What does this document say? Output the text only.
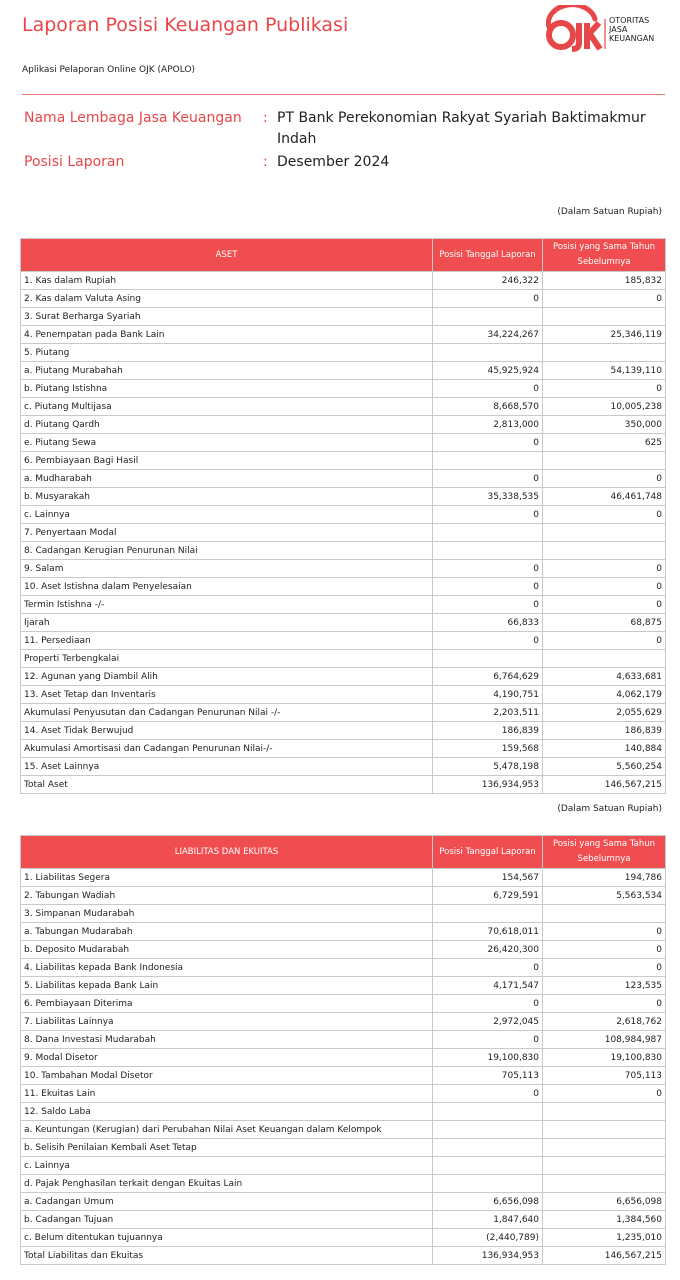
Laporan Posisi Keuangan Publikasi
Aplikasi Pelaporan Online OJK (APOLO)
OTORITAS
JASA
KEUANGAN
Nama Lembaga Jasa Keuangan : PT Bank Perekonomian Rakyat Syariah Baktimakmur Indah
Posisi Laporan	: Desember 2024
(Dalam Satuan Rupiah)
ASET	Posisi Tanggal Laporan	Posisi yang Sama Tahun Sebelumnya
1. Kas dalam Rupiah	246,322	185,832
2. Kas dalam Valuta Asing	0	0
3. Surat Berharga Syariah		
4. Penempatan pada Bank Lain	34,224,267	25,346,119
5. Piutang		
a. Piutang Murabahah	45,925,924	54,139,110
b. Piutang Istishna	0	0
c. Piutang Multijasa	8,668,570	10,005,238
d. Piutang Qardh	2,813,000	350,000
e. Piutang Sewa	0	625
6. Pembiayaan Bagi Hasil		
a. Mudharabah	0	0
b. Musyarakah	35,338,535	46,461,748
c. Lainnya	0	0
7. Penyertaan Modal		
8. Cadangan Kerugian Penurunan Nilai		
9. Salam	0	0
10. Aset Istishna dalam Penyelesaian	0	0
Termin Istishna -/-	0	0
Ijarah	66,833	68,875
11. Persediaan	0	0
Properti Terbengkalai		
12. Agunan yang Diambil Alih	6,764,629	4,633,681
13. Aset Tetap dan Inventaris	4,190,751	4,062,179
Akumulasi Penyusutan dan Cadangan Penurunan Nilai -/-	2,203,511	2,055,629
14. Aset Tidak Berwujud	186,839	186,839
Akumulasi Amortisasi dan Cadangan Penurunan Nilai-/-	159,568	140,884
15. Aset Lainnya	5,478,198	5,560,254
Total Aset	136,934,953	146,567,215
(Dalam Satuan Rupiah)
LIABILITAS DAN EKUITAS	Posisi Tanggal Laporan	Posisi yang Sama Tahun Sebelumnya
1. Liabilitas Segera	154,567	194,786
2. Tabungan Wadiah	6,729,591	5,563,534
3. Simpanan Mudarabah		
a. Tabungan Mudarabah	70,618,011	0
b. Deposito Mudarabah	26,420,300	0
4. Liabilitas kepada Bank Indonesia	0	0
5. Liabilitas kepada Bank Lain	4,171,547	123,535
6. Pembiayaan Diterima	0	0
7. Liabilitas Lainnya	2,972,045	2,618,762
8. Dana Investasi Mudarabah	0	108,984,987
9. Modal Disetor	19,100,830	19,100,830
10. Tambahan Modal Disetor	705,113	705,113
11. Ekuitas Lain	0	0
12. Saldo Laba		
a. Keuntungan (Kerugian) dari Perubahan Nilai Aset Keuangan dalam Kelompok		
b. Selisih Penilaian Kembali Aset Tetap		
c. Lainnya		
d. Pajak Penghasilan terkait dengan Ekuitas Lain		
a. Cadangan Umum	6,656,098	6,656,098
b. Cadangan Tujuan	1,847,640	1,384,560
c. Belum ditentukan tujuannya	(2,440,789)	1,235,010
Total Liabilitas dan Ekuitas	136,934,953	146,567,215
